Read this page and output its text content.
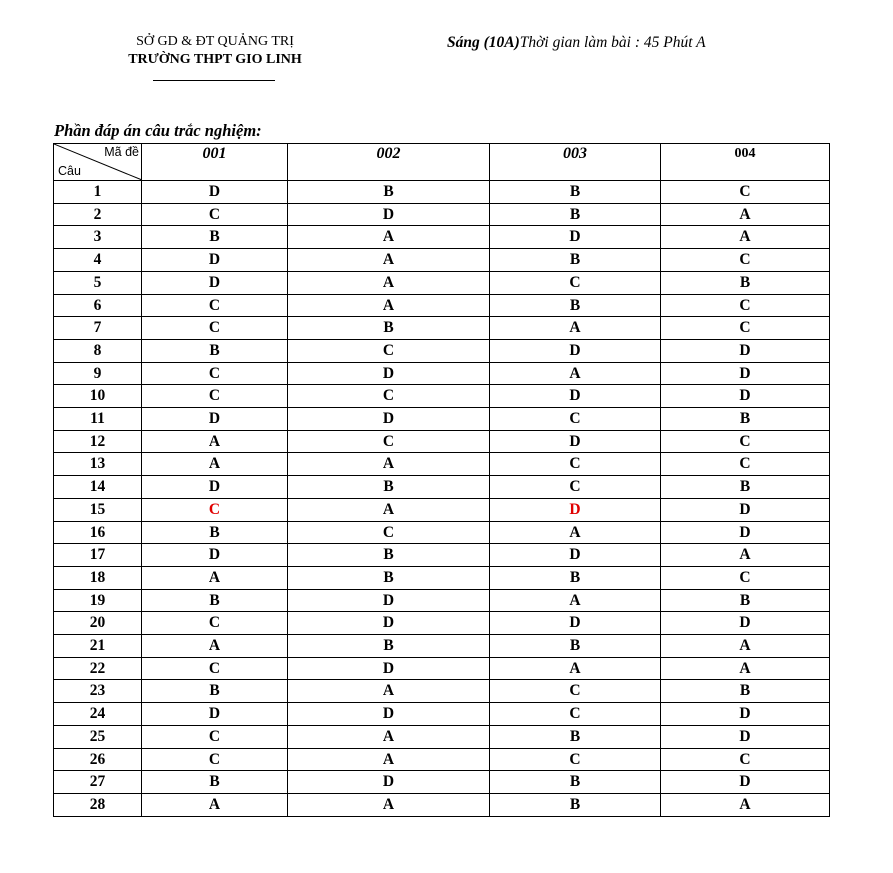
SỞ GD & ĐT QUẢNG TRỊ
TRƯỜNG THPT GIO LINH
Sáng (10A)Thời gian làm bài : 45 Phút A
Phần đáp án câu trắc nghiệm:
Mã đề
Câu	001	002	003	004
1	D	B	B	C
2	C	D	B	A
3	B	A	D	A
4	D	A	B	C
5	D	A	C	B
6	C	A	B	C
7	C	B	A	C
8	B	C	D	D
9	C	D	A	D
10	C	C	D	D
11	D	D	C	B
12	A	C	D	C
13	A	A	C	C
14	D	B	C	B
15	C	A	D	D
16	B	C	A	D
17	D	B	D	A
18	A	B	B	C
19	B	D	A	B
20	C	D	D	D
21	A	B	B	A
22	C	D	A	A
23	B	A	C	B
24	D	D	C	D
25	C	A	B	D
26	C	A	C	C
27	B	D	B	D
28	A	A	B	A
